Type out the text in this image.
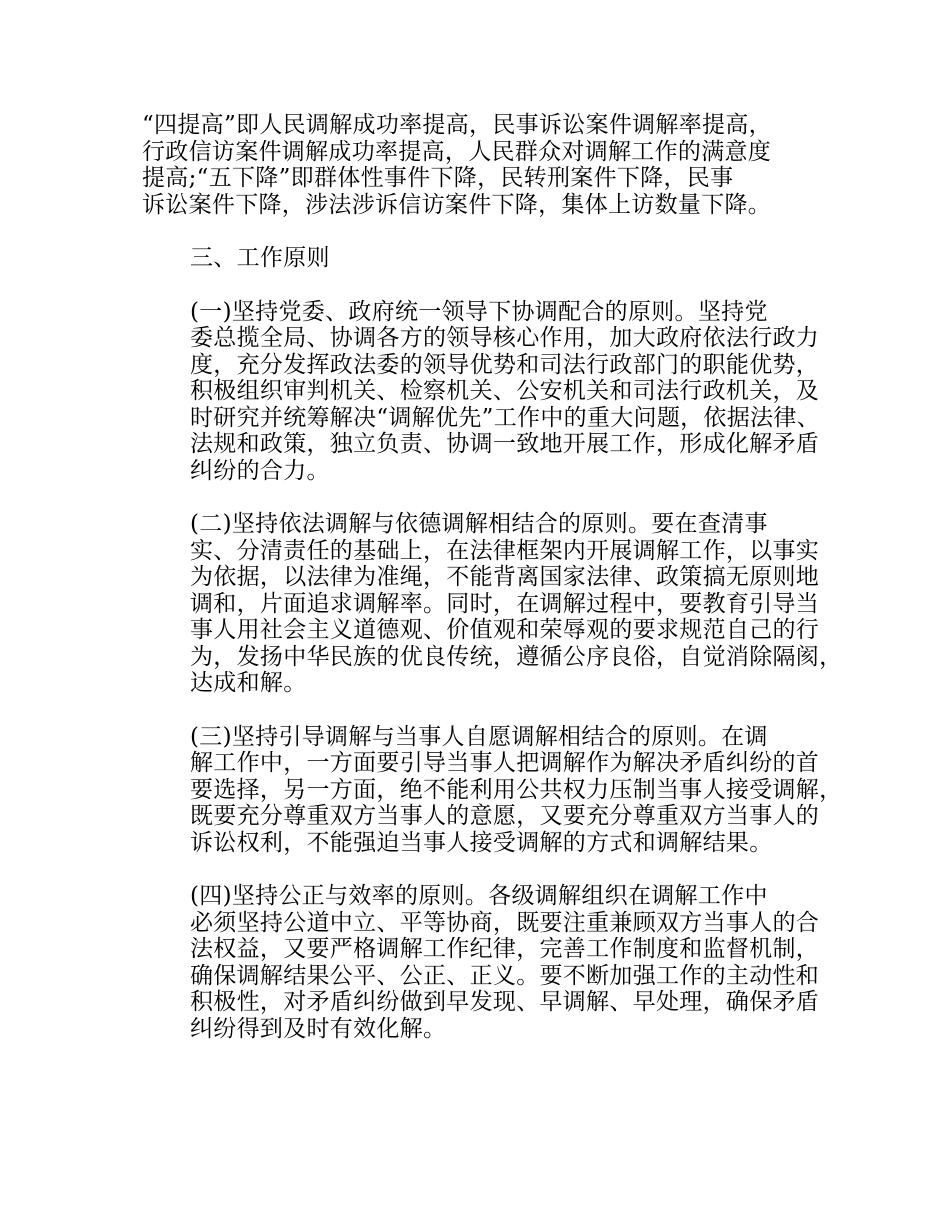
“四提高”即人民调解成功率提高，民事诉讼案件调解率提高，
行政信访案件调解成功率提高，人民群众对调解工作的满意度
提高;“五下降”即群体性事件下降，民转刑案件下降，民事
诉讼案件下降，涉法涉诉信访案件下降，集体上访数量下降。

三、工作原则

(一)坚持党委、政府统一领导下协调配合的原则。坚持党
委总揽全局、协调各方的领导核心作用，加大政府依法行政力
度，充分发挥政法委的领导优势和司法行政部门的职能优势，
积极组织审判机关、检察机关、公安机关和司法行政机关，及
时研究并统筹解决“调解优先”工作中的重大问题，依据法律、
法规和政策，独立负责、协调一致地开展工作，形成化解矛盾
纠纷的合力。

(二)坚持依法调解与依德调解相结合的原则。要在查清事
实、分清责任的基础上，在法律框架内开展调解工作，以事实
为依据，以法律为准绳，不能背离国家法律、政策搞无原则地
调和，片面追求调解率。同时，在调解过程中，要教育引导当
事人用社会主义道德观、价值观和荣辱观的要求规范自己的行
为，发扬中华民族的优良传统，遵循公序良俗，自觉消除隔阂，
达成和解。

(三)坚持引导调解与当事人自愿调解相结合的原则。在调
解工作中，一方面要引导当事人把调解作为解决矛盾纠纷的首
要选择，另一方面，绝不能利用公共权力压制当事人接受调解，
既要充分尊重双方当事人的意愿，又要充分尊重双方当事人的
诉讼权利，不能强迫当事人接受调解的方式和调解结果。

(四)坚持公正与效率的原则。各级调解组织在调解工作中
必须坚持公道中立、平等协商，既要注重兼顾双方当事人的合
法权益，又要严格调解工作纪律，完善工作制度和监督机制，
确保调解结果公平、公正、正义。要不断加强工作的主动性和
积极性，对矛盾纠纷做到早发现、早调解、早处理，确保矛盾
纠纷得到及时有效化解。
